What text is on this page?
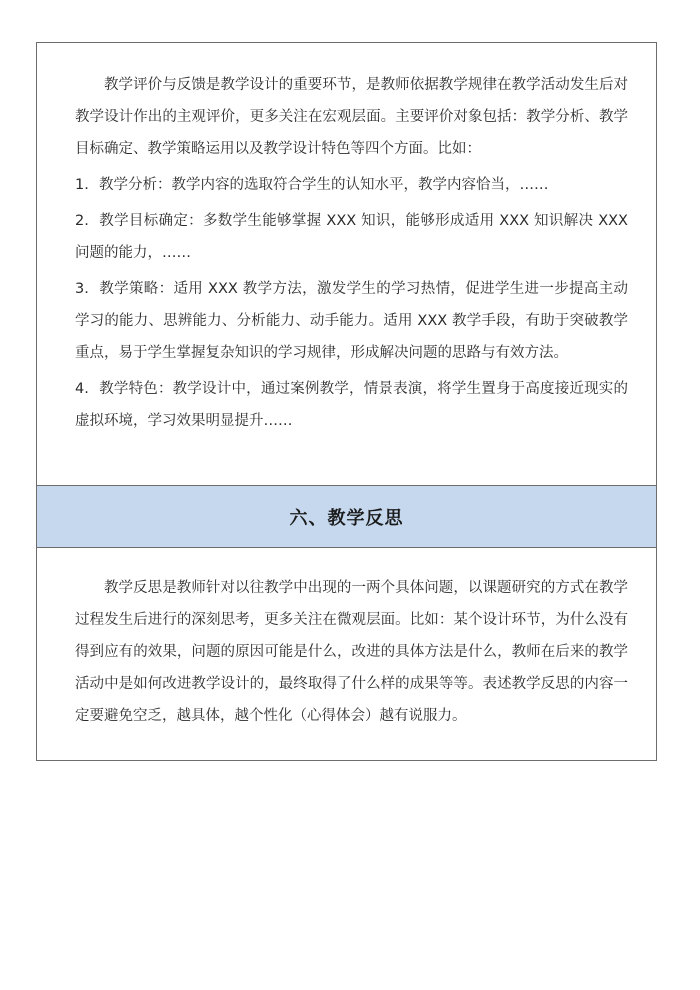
教学评价与反馈是教学设计的重要环节，是教师依据教学规律在教学活动发生后对教学设计作出的主观评价，更多关注在宏观层面。主要评价对象包括：教学分析、教学目标确定、教学策略运用以及教学设计特色等四个方面。比如：

1. 教学分析：教学内容的选取符合学生的认知水平，教学内容恰当，……

2. 教学目标确定：多数学生能够掌握 XXX 知识，能够形成适用 XXX 知识解决 XXX 问题的能力，……

3. 教学策略：适用 XXX 教学方法，激发学生的学习热情，促进学生进一步提高主动学习的能力、思辨能力、分析能力、动手能力。适用 XXX 教学手段，有助于突破教学重点，易于学生掌握复杂知识的学习规律，形成解决问题的思路与有效方法。

4. 教学特色：教学设计中，通过案例教学，情景表演，将学生置身于高度接近现实的虚拟环境，学习效果明显提升……

六、教学反思

教学反思是教师针对以往教学中出现的一两个具体问题，以课题研究的方式在教学过程发生后进行的深刻思考，更多关注在微观层面。比如：某个设计环节，为什么没有得到应有的效果，问题的原因可能是什么，改进的具体方法是什么，教师在后来的教学活动中是如何改进教学设计的，最终取得了什么样的成果等等。表述教学反思的内容一定要避免空乏，越具体，越个性化（心得体会）越有说服力。
